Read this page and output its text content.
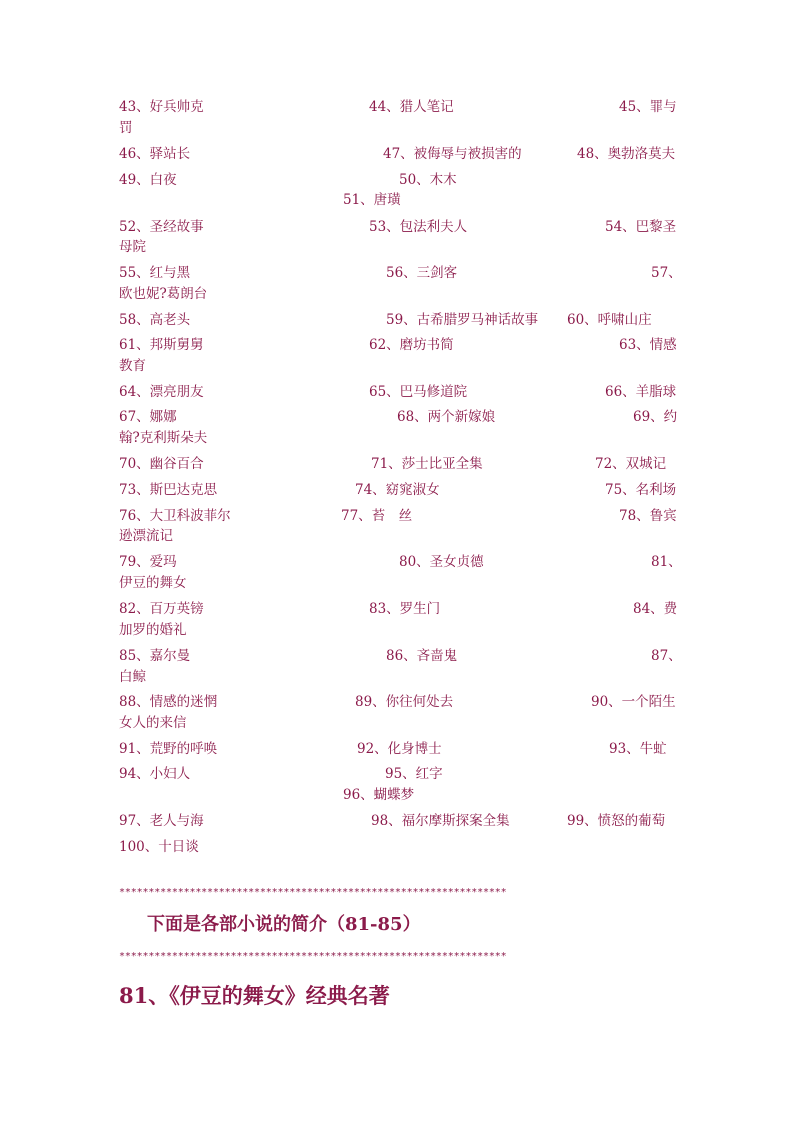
43、好兵帅克	44、猎人笔记	45、罪与
罚
46、驿站长	47、被侮辱与被损害的	48、奥勃洛莫夫
49、白夜	50、木木
51、唐璜
52、圣经故事	53、包法利夫人	54、巴黎圣
母院
55、红与黑	56、三剑客	57、
欧也妮?葛朗台
58、高老头	59、古希腊罗马神话故事 60、呼啸山庄
61、邦斯舅舅	62、磨坊书简	63、情感
教育
64、漂亮朋友	65、巴马修道院	66、羊脂球
67、娜娜	68、两个新嫁娘	69、约
翰?克利斯朵夫
70、幽谷百合	71、莎士比亚全集	72、双城记
73、斯巴达克思	74、窈窕淑女	75、名利场
76、大卫科波菲尔	77、苔　丝	78、鲁宾
逊漂流记
79、爱玛	80、圣女贞德	81、
伊豆的舞女
82、百万英镑	83、罗生门	84、费
加罗的婚礼
85、嘉尔曼	86、吝啬鬼	87、
白鲸
88、情感的迷惘	89、你往何处去	90、一个陌生
女人的来信
91、荒野的呼唤	92、化身博士	93、牛虻
94、小妇人	95、红字
96、蝴蝶梦
97、老人与海	98、福尔摩斯探案全集	99、愤怒的葡萄
100、十日谈
******************************************************************
下面是各部小说的简介（81-85）
******************************************************************
81、《伊豆的舞女》经典名著
